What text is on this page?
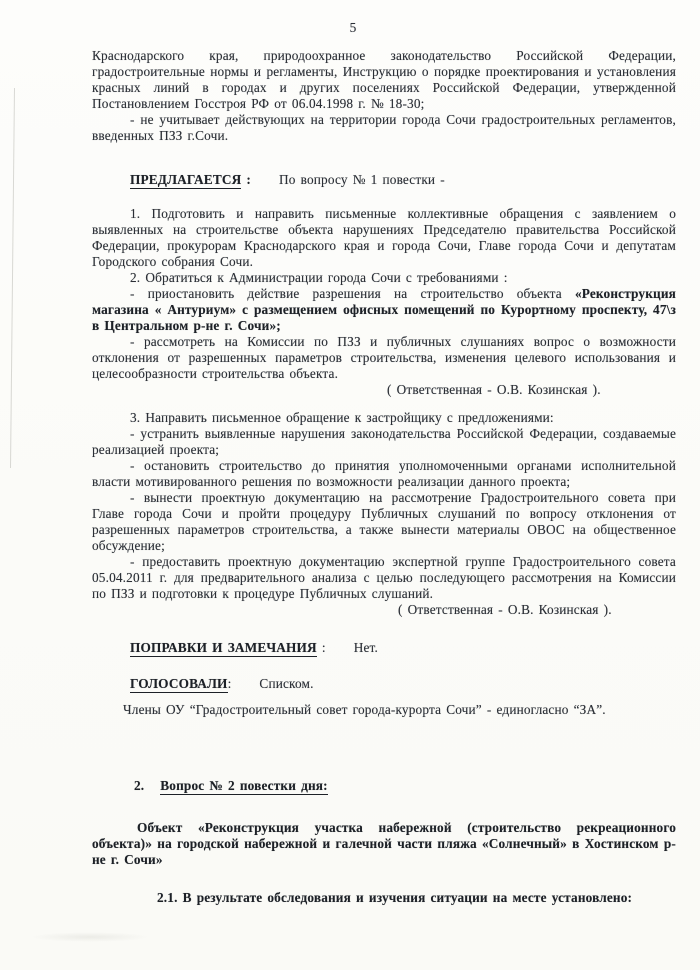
5

Краснодарского края, природоохранное законодательство Российской Федерации, градостроительные нормы и регламенты, Инструкцию о порядке проектирования и установления красных линий в городах и других поселениях Российской Федерации, утвержденной Постановлением Госстроя РФ от 06.04.1998 г. № 18-30;

- не учитывает действующих на территории города Сочи градостроительных регламентов, введенных ПЗЗ г.Сочи.

ПРЕДЛАГАЕТСЯ : По вопросу № 1 повестки -

1. Подготовить и направить письменные коллективные обращения с заявлением о выявленных на строительстве объекта нарушениях Председателю правительства Российской Федерации, прокурорам Краснодарского края и города Сочи, Главе города Сочи и депутатам Городского собрания Сочи.

2. Обратиться к Администрации города Сочи с требованиями :

- приостановить действие разрешения на строительство объекта «Реконструкция магазина « Антуриум» с размещением офисных помещений по Курортному проспекту, 47\з в Центральном р-не г. Сочи»;

- рассмотреть на Комиссии по ПЗЗ и публичных слушаниях вопрос о возможности отклонения от разрешенных параметров строительства, изменения целевого использования и целесообразности строительства объекта.

( Ответственная - О.В. Козинская ).

3. Направить письменное обращение к застройщику с предложениями:

- устранить выявленные нарушения законодательства Российской Федерации, создаваемые реализацией проекта;

- остановить строительство до принятия уполномоченными органами исполнительной власти мотивированного решения по возможности реализации данного проекта;

- вынести проектную документацию на рассмотрение Градостроительного совета при Главе города Сочи и пройти процедуру Публичных слушаний по вопросу отклонения от разрешенных параметров строительства, а также вынести материалы ОВОС на общественное обсуждение;

- предоставить проектную документацию экспертной группе Градостроительного совета 05.04.2011 г. для предварительного анализа с целью последующего рассмотрения на Комиссии по ПЗЗ и подготовки к процедуре Публичных слушаний.

( Ответственная - О.В. Козинская ).

ПОПРАВКИ И ЗАМЕЧАНИЯ : Нет.

ГОЛОСОВАЛИ: Списком.

Члены ОУ “Градостроительный совет города-курорта Сочи” - единогласно “ЗА”.

2. Вопрос № 2 повестки дня:

Объект «Реконструкция участка набережной (строительство рекреационного объекта)» на городской набережной и галечной части пляжа «Солнечный» в Хостинском р-не г. Сочи»

2.1. В результате обследования и изучения ситуации на месте установлено:
